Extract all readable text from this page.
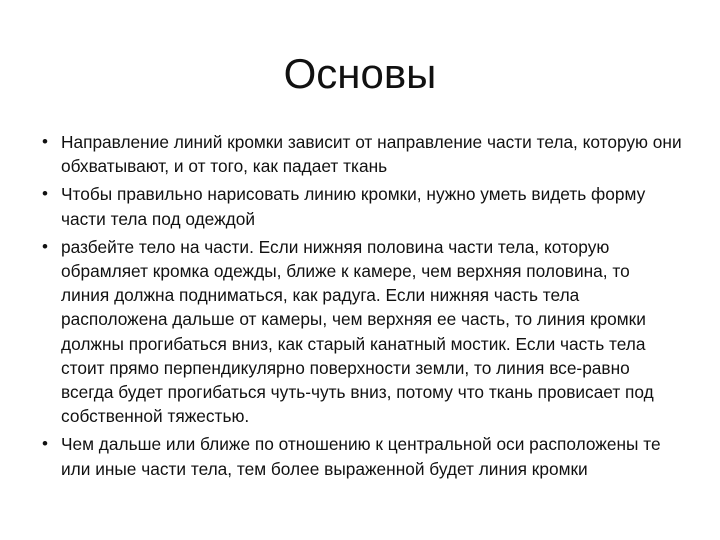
Основы
• Направление линий кромки зависит от направление части тела, которую они обхватывают, и от того, как падает ткань
• Чтобы правильно нарисовать линию кромки, нужно уметь видеть форму части тела под одеждой
• разбейте тело на части. Если нижняя половина части тела, которую обрамляет кромка одежды, ближе к камере, чем верхняя половина, то линия должна подниматься, как радуга. Если нижняя часть тела расположена дальше от камеры, чем верхняя ее часть, то линия кромки должны прогибаться вниз, как старый канатный мостик. Если часть тела стоит прямо перпендикулярно поверхности земли, то линия все-равно всегда будет прогибаться чуть-чуть вниз, потому что ткань провисает под собственной тяжестью.
• Чем дальше или ближе по отношению к центральной оси расположены те или иные части тела, тем более выраженной будет линия кромки
